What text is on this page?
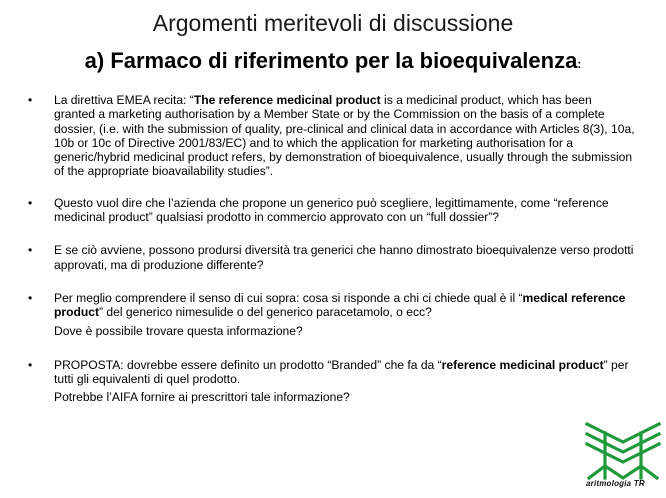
Argomenti meritevoli di discussione
a) Farmaco di riferimento per la bioequivalenza:
• La direttiva EMEA recita: “The reference medicinal product is a medicinal product, which has been granted a marketing authorisation by a Member State or by the Commission on the basis of a complete dossier, (i.e. with the submission of quality, pre-clinical and clinical data in accordance with Articles 8(3), 10a, 10b or 10c of Directive 2001/83/EC) and to which the application for marketing authorisation for a generic/hybrid medicinal product refers, by demonstration of bioequivalence, usually through the submission of the appropriate bioavailability studies”.

• Questo vuol dire che l’azienda che propone un generico può scegliere, legittimamente, come “reference medicinal product” qualsiasi prodotto in commercio approvato con un “full dossier”?

• E se ciò avviene, possono prodursi diversità tra generici che hanno dimostrato bioequivalenze verso prodotti approvati, ma di produzione differente?

• Per meglio comprendere il senso di cui sopra: cosa si risponde a chi ci chiede qual è il “medical reference product” del generico nimesulide o del generico paracetamolo, o ecc?

Dove è possibile trovare questa informazione?

• PROPOSTA: dovrebbe essere definito un prodotto “Branded” che fa da “reference medicinal product” per tutti gli equivalenti di quel prodotto.

Potrebbe l’AIFA fornire ai prescrittori tale informazione?

aritmologia TR
